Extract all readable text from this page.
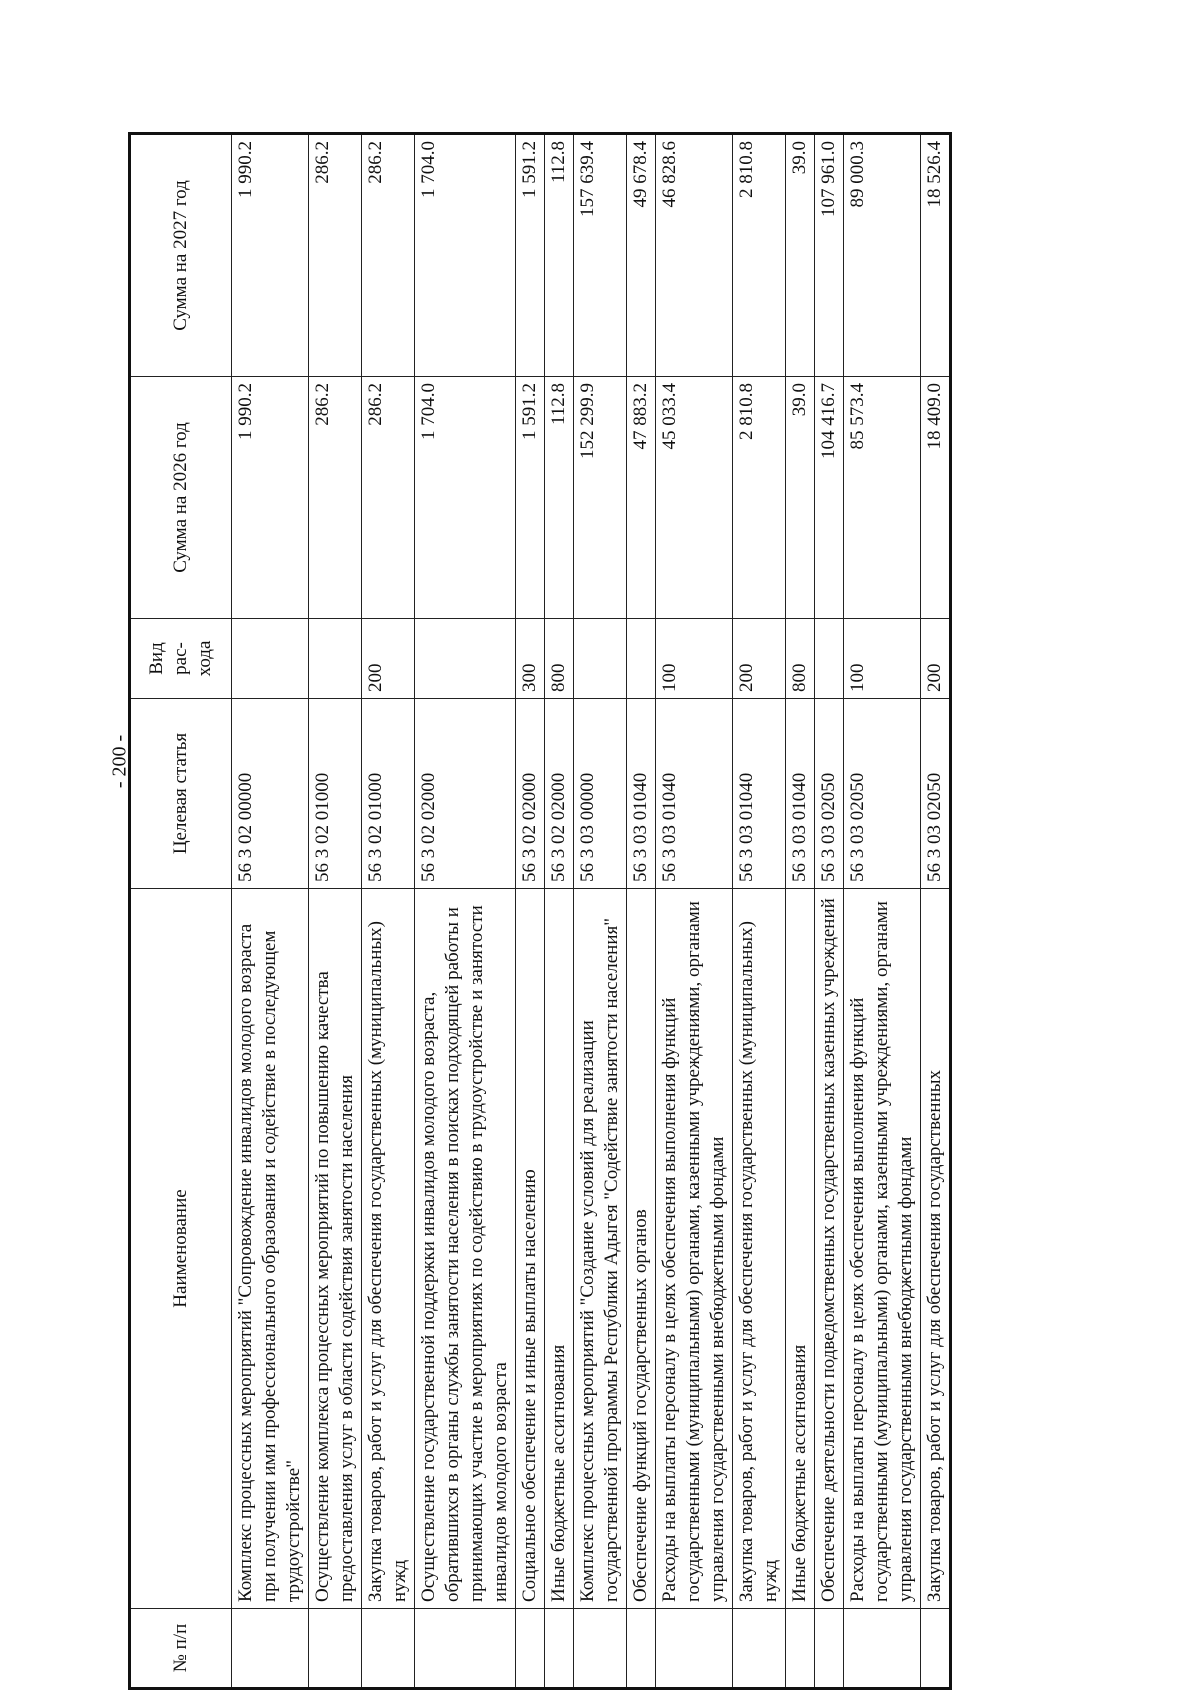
- 200 -
№ п/п	Наименование	Целевая статья	Вид рас-хода	Сумма на 2026 год	Сумма на 2027 год
	Комплекс процессных мероприятий "Сопровождение инвалидов молодого возраста при получении ими профессионального образования и содействие в последующем трудоустройстве"	56 3 02 00000		1 990.2	1 990.2
	Осуществление комплекса процессных мероприятий по повышению качества предоставления услуг в области содействия занятости населения	56 3 02 01000		286.2	286.2
	Закупка товаров, работ и услуг для обеспечения государственных (муниципальных) нужд	56 3 02 01000	200	286.2	286.2
	Осуществление государственной поддержки инвалидов молодого возраста, обратившихся в органы службы занятости населения в поисках подходящей работы и принимающих участие в мероприятиях по содействию в трудоустройстве и занятости инвалидов молодого возраста	56 3 02 02000		1 704.0	1 704.0
	Социальное обеспечение и иные выплаты населению	56 3 02 02000	300	1 591.2	1 591.2
	Иные бюджетные ассигнования	56 3 02 02000	800	112.8	112.8
	Комплекс процессных мероприятий "Создание условий для реализации государственной программы Республики Адыгея "Содействие занятости населения"	56 3 03 00000		152 299.9	157 639.4
	Обеспечение функций государственных органов	56 3 03 01040		47 883.2	49 678.4
	Расходы на выплаты персоналу в целях обеспечения выполнения функций государственными (муниципальными) органами, казенными учреждениями, органами управления государственными внебюджетными фондами	56 3 03 01040	100	45 033.4	46 828.6
	Закупка товаров, работ и услуг для обеспечения государственных (муниципальных) нужд	56 3 03 01040	200	2 810.8	2 810.8
	Иные бюджетные ассигнования	56 3 03 01040	800	39.0	39.0
	Обеспечение деятельности подведомственных государственных казенных учреждений	56 3 03 02050		104 416.7	107 961.0
	Расходы на выплаты персоналу в целях обеспечения выполнения функций государственными (муниципальными) органами, казенными учреждениями, органами управления государственными внебюджетными фондами	56 3 03 02050	100	85 573.4	89 000.3
	Закупка товаров, работ и услуг для обеспечения государственных	56 3 03 02050	200	18 409.0	18 526.4
